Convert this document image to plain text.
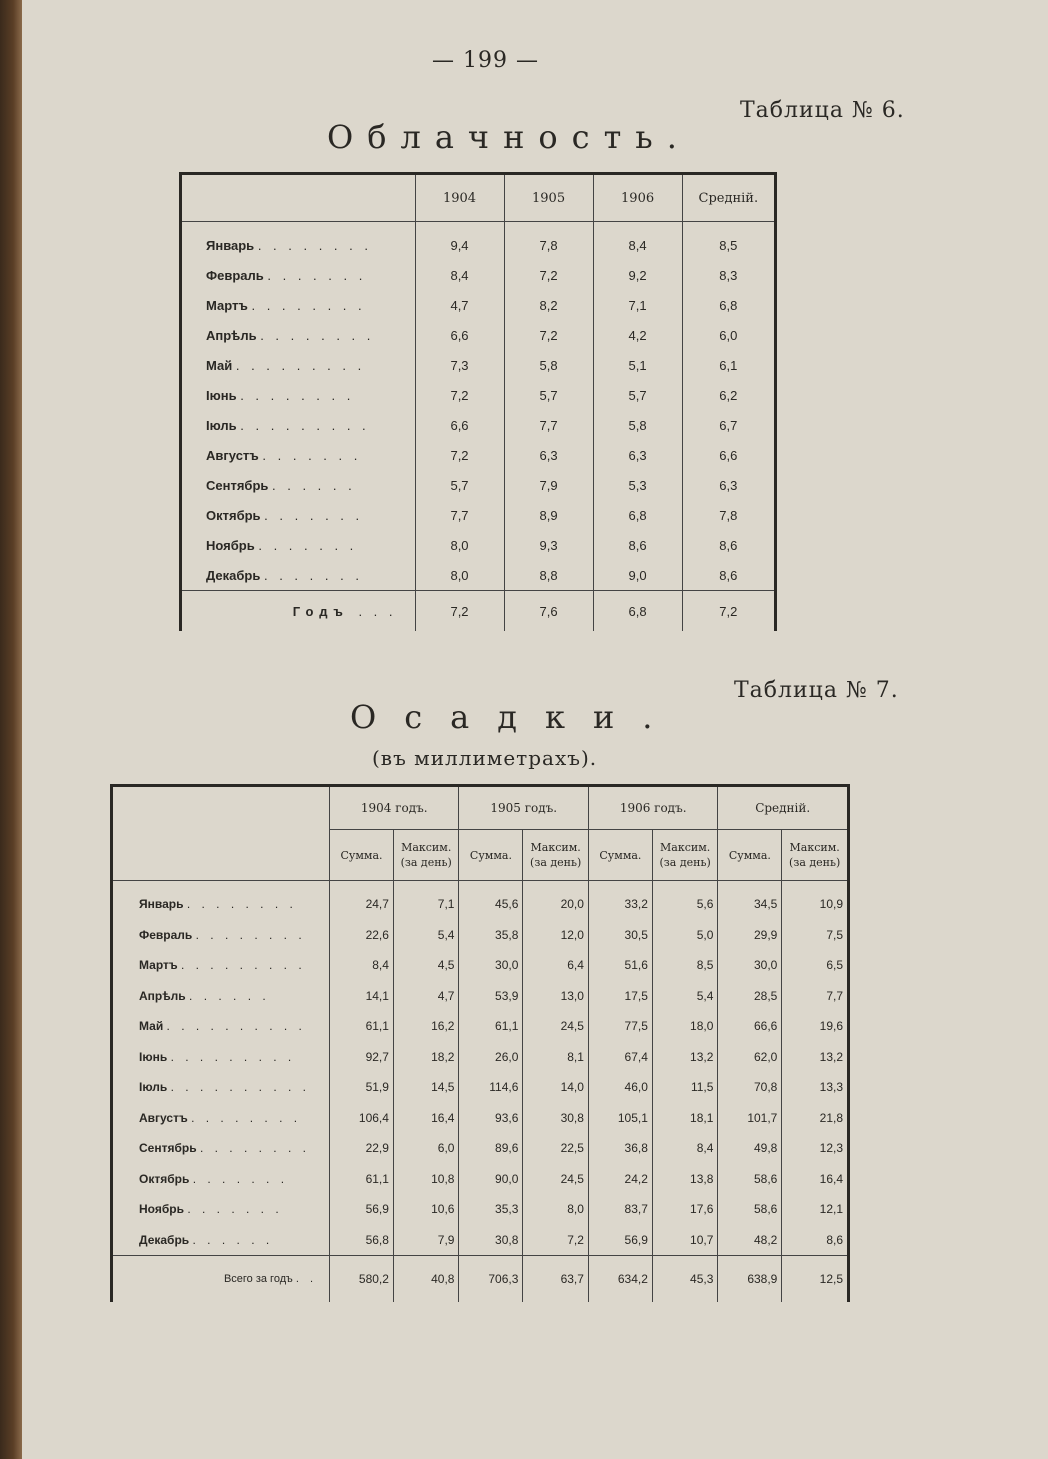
— 199 —
Таблица № 6.
Облачность.
	1904	1905	1906	Средній.
Январь . . . . . . . .	9,4	7,8	8,4	8,5
Февраль . . . . . . .	8,4	7,2	9,2	8,3
Мартъ . . . . . . . .	4,7	8,2	7,1	6,8
Апрѣль . . . . . . . .	6,6	7,2	4,2	6,0
Май . . . . . . . . .	7,3	5,8	5,1	6,1
Іюнь . . . . . . . .	7,2	5,7	5,7	6,2
Іюль . . . . . . . . .	6,6	7,7	5,8	6,7
Августъ . . . . . . .	7,2	6,3	6,3	6,6
Сентябрь . . . . . .	5,7	7,9	5,3	6,3
Октябрь . . . . . . .	7,7	8,9	6,8	7,8
Ноябрь . . . . . . .	8,0	9,3	8,6	8,6
Декабрь . . . . . . .	8,0	8,8	9,0	8,6
Годъ . . .	7,2	7,6	6,8	7,2
Таблица № 7.
Осадки.
(въ миллиметрахъ).
	1904 годъ.		1905 годъ.		1906 годъ.		Средній.	
	Сумма.	Максим. (за день)	Сумма.	Максим. (за день)	Сумма.	Максим. (за день)	Сумма.	Максим. (за день)
Январь . . . . . . . .	24,7	7,1	45,6	20,0	33,2	5,6	34,5	10,9
Февраль . . . . . . . .	22,6	5,4	35,8	12,0	30,5	5,0	29,9	7,5
Мартъ . . . . . . . . .	8,4	4,5	30,0	6,4	51,6	8,5	30,0	6,5
Апрѣль . . . . . .	14,1	4,7	53,9	13,0	17,5	5,4	28,5	7,7
Май . . . . . . . . . .	61,1	16,2	61,1	24,5	77,5	18,0	66,6	19,6
Іюнь . . . . . . . . .	92,7	18,2	26,0	8,1	67,4	13,2	62,0	13,2
Іюль . . . . . . . . . .	51,9	14,5	114,6	14,0	46,0	11,5	70,8	13,3
Августъ . . . . . . . .	106,4	16,4	93,6	30,8	105,1	18,1	101,7	21,8
Сентябрь . . . . . . . .	22,9	6,0	89,6	22,5	36,8	8,4	49,8	12,3
Октябрь . . . . . . .	61,1	10,8	90,0	24,5	24,2	13,8	58,6	16,4
Ноябрь . . . . . . .	56,9	10,6	35,3	8,0	83,7	17,6	58,6	12,1
Декабрь . . . . . .	56,8	7,9	30,8	7,2	56,9	10,7	48,2	8,6
Всего за годъ . .	580,2	40,8	706,3	63,7	634,2	45,3	638,9	12,5
